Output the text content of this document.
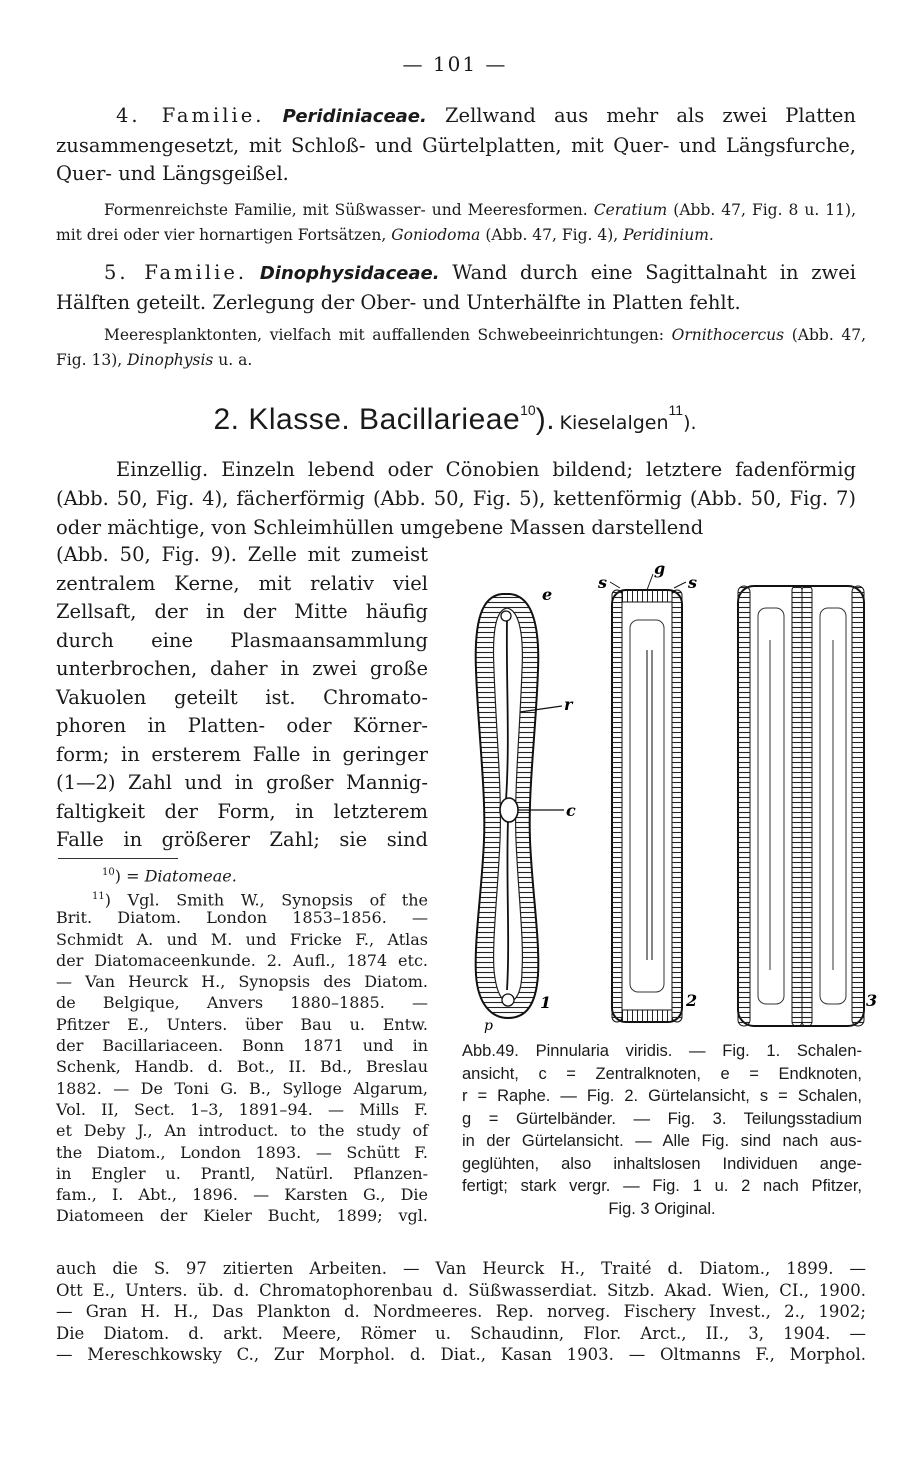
— 101 —
4. Familie. Peridiniaceae. Zellwand aus mehr als zwei Platten zusammengesetzt, mit Schloß- und Gürtelplatten, mit Quer- und Längsfurche, Quer- und Längsgeißel.
Formenreichste Familie, mit Süßwasser- und Meeresformen. Ceratium (Abb. 47, Fig. 8 u. 11), mit drei oder vier hornartigen Fortsätzen, Goniodoma (Abb. 47, Fig. 4), Peridinium.
5. Familie. Dinophysidaceae. Wand durch eine Sagittalnaht in zwei Hälften geteilt. Zerlegung der Ober- und Unterhälfte in Platten fehlt.
Meeresplanktonten, vielfach mit auffallenden Schwebeeinrichtungen: Ornithocercus (Abb. 47, Fig. 13), Dinophysis u. a.
2. Klasse. Bacillarieae10). Kieselalgen11).
Einzellig. Einzeln lebend oder Cönobien bildend; letztere fadenförmig (Abb. 50, Fig. 4), fächerförmig (Abb. 50, Fig. 5), kettenförmig (Abb. 50, Fig. 7) oder mächtige, von Schleimhüllen umgebene Massen darstellend
(Abb. 50, Fig. 9). Zelle mit zumeist
zentralem Kerne, mit relativ viel
Zellsaft, der in der Mitte häufig
durch eine Plasmaansammlung
unterbrochen, daher in zwei große
Vakuolen geteilt ist. Chromato-
phoren in Platten- oder Körner-
form; in ersterem Falle in geringer
(1—2) Zahl und in großer Mannig-
faltigkeit der Form, in letzterem
Falle in größerer Zahl; sie sind
$^{10}$) = Diatomeae.
$^{11}$) Vgl. Smith W., Synopsis of the
Brit. Diatom. London 1853–1856. —
Schmidt A. und M. und Fricke F., Atlas
der Diatomaceenkunde. 2. Aufl., 1874 etc.
— Van Heurck H., Synopsis des Diatom.
de Belgique, Anvers 1880–1885. —
Pfitzer E., Unters. über Bau u. Entw.
der Bacillariaceen. Bonn 1871 und in
Schenk, Handb. d. Bot., II. Bd., Breslau
1882. — De Toni G. B., Sylloge Algarum,
Vol. II, Sect. 1–3, 1891–94. — Mills F.
et Deby J., An introduct. to the study of
the Diatom., London 1893. — Schütt F.
in Engler u. Prantl, Natürl. Pflanzen-
fam., I. Abt., 1896. — Karsten G., Die
Diatomeen der Kieler Bucht, 1899; vgl.
auch die S. 97 zitierten Arbeiten. — Van Heurck H., Traité d. Diatom., 1899. —
Ott E., Unters. üb. d. Chromatophorenbau d. Süßwasserdiat. Sitzb. Akad. Wien, CI., 1900.
— Gran H. H., Das Plankton d. Nordmeeres. Rep. norveg. Fischery Invest., 2., 1902;
Die Diatom. d. arkt. Meere, Römer u. Schaudinn, Flor. Arct., II., 3, 1904. —
— Mereschkowsky C., Zur Morphol. d. Diat., Kasan 1903. — Oltmanns F., Morphol.
e
r
c
p
1	2	3
s	s
g
Abb.49. Pinnularia viridis. — Fig. 1. Schalen-
ansicht, c = Zentralknoten, e = Endknoten,
r = Raphe. — Fig. 2. Gürtelansicht, s = Schalen,
g = Gürtelbänder. — Fig. 3. Teilungsstadium
in der Gürtelansicht. — Alle Fig. sind nach aus-
geglühten, also inhaltslosen Individuen ange-
fertigt; stark vergr. — Fig. 1 u. 2 nach Pfitzer,
Fig. 3 Original.
